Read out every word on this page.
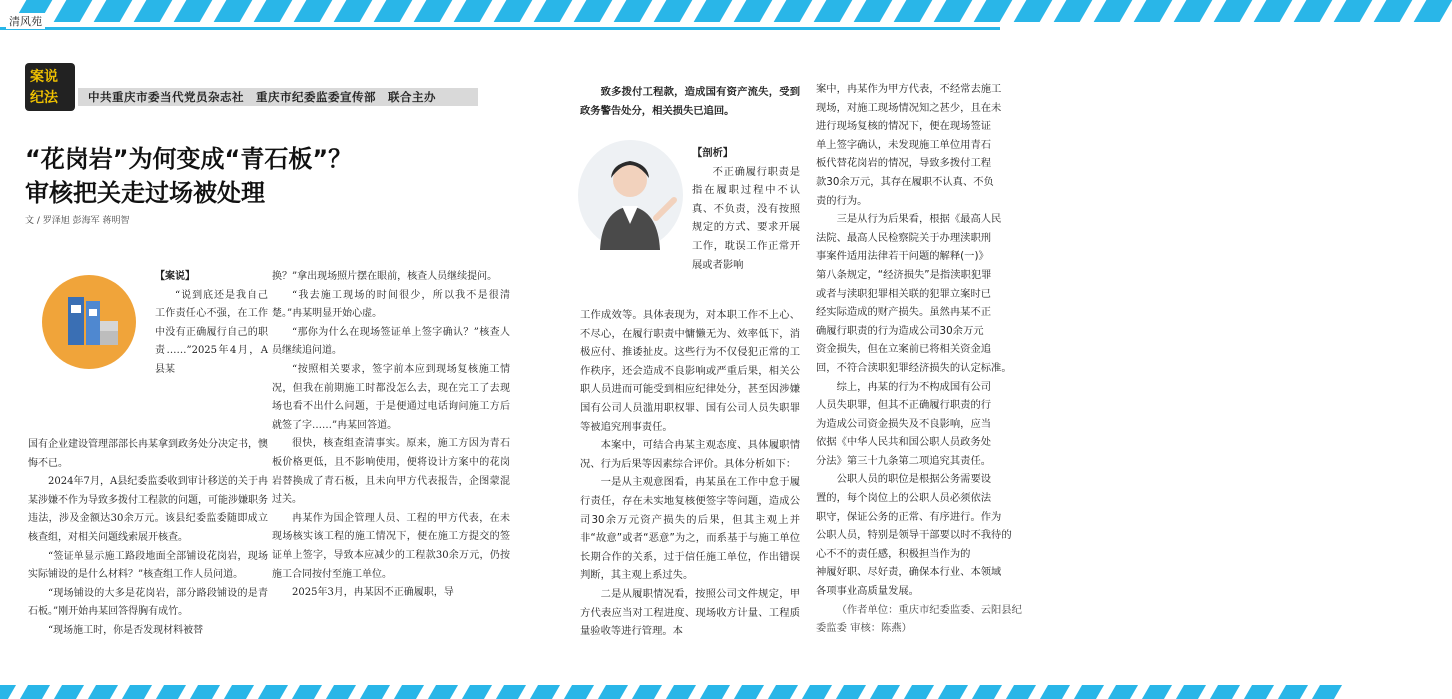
清风苑
案说
纪法	中共重庆市委当代党员杂志社　重庆市纪委监委宣传部　联合主办
“花岗岩”为何变成“青石板”？
审核把关走过场被处理
文 / 罗泽旭 彭海军 蒋明智

【案说】

“说到底还是我自己工作责任心不强，在工作中没有正确履行自己的职责……”2025年4月，A县某

国有企业建设管理部部长冉某拿到政务处分决定书，懊悔不已。

2024年7月，A县纪委监委收到审计移送的关于冉某涉嫌不作为导致多拨付工程款的问题，可能涉嫌职务违法，涉及金额达30余万元。该县纪委监委随即成立核查组，对相关问题线索展开核查。

“签证单显示施工路段地面全部铺设花岗岩，现场实际铺设的是什么材料？”核查组工作人员问道。

“现场铺设的大多是花岗岩，部分路段铺设的是青石板。”刚开始冉某回答得胸有成竹。

“现场施工时，你是否发现材料被替

换？”拿出现场照片摆在眼前，核查人员继续提问。

“我去施工现场的时间很少，所以我不是很清楚。”冉某明显开始心虚。

“那你为什么在现场签证单上签字确认？”核查人员继续追问道。

“按照相关要求，签字前本应到现场复核施工情况，但我在前期施工时都没怎么去，现在完工了去现场也看不出什么问题，于是便通过电话询问施工方后就签了字……”冉某回答道。

很快，核查组查清事实。原来，施工方因为青石板价格更低，且不影响使用，便将设计方案中的花岗岩替换成了青石板，且未向甲方代表报告，企图蒙混过关。

冉某作为国企管理人员、工程的甲方代表，在未现场核实该工程的施工情况下，便在施工方提交的签证单上签字，导致本应减少的工程款30余万元，仍按施工合同按付至施工单位。

2025年3月，冉某因不正确履职，导

致多拨付工程款，造成国有资产流失，受到政务警告处分，相关损失已追回。

【剖析】

不正确履行职责是指在履职过程中不认真、不负责，没有按照规定的方式、要求开展工作，耽误工作正常开展或者影响

工作成效等。具体表现为，对本职工作不上心、不尽心，在履行职责中慵懒无为、效率低下，消极应付、推诿扯皮。这些行为不仅侵犯正常的工作秩序，还会造成不良影响或严重后果，相关公职人员进而可能受到相应纪律处分，甚至因涉嫌国有公司人员滥用职权罪、国有公司人员失职罪等被追究刑事责任。

本案中，可结合冉某主观态度、具体履职情况、行为后果等因素综合评价。具体分析如下：

一是从主观意图看，冉某虽在工作中怠于履行责任，存在未实地复核便签字等问题，造成公司30余万元资产损失的后果，但其主观上并非“故意”或者“恶意”为之，而系基于与施工单位长期合作的关系，过于信任施工单位，作出错误判断，其主观上系过失。

二是从履职情况看，按照公司文件规定，甲方代表应当对工程进度、现场收方计量、工程质量验收等进行管理。本

案中，冉某作为甲方代表，不经常去施工

现场，对施工现场情况知之甚少，且在未

进行现场复核的情况下，便在现场签证

单上签字确认，未发现施工单位用青石

板代替花岗岩的情况，导致多拨付工程

款30余万元，其存在履职不认真、不负

责的行为。

三是从行为后果看，根据《最高人民

法院、最高人民检察院关于办理渎职刑

事案件适用法律若干问题的解释(一)》

第八条规定，“经济损失”是指渎职犯罪

或者与渎职犯罪相关联的犯罪立案时已

经实际造成的财产损失。虽然冉某不正

确履行职责的行为造成公司30余万元

资金损失，但在立案前已将相关资金追

回，不符合渎职犯罪经济损失的认定标准。

综上，冉某的行为不构成国有公司

人员失职罪，但其不正确履行职责的行

为造成公司资金损失及不良影响，应当

依据《中华人民共和国公职人员政务处

分法》第三十九条第二项追究其责任。

公职人员的职位是根据公务需要设

置的，每个岗位上的公职人员必须依法

职守，保证公务的正常、有序进行。作为

公职人员，特别是领导干部要以时不我待的

心不不的责任感，积极担当作为的

神履好职、尽好责，确保本行业、本领域

各项事业高质量发展。

（作者单位：重庆市纪委监委、云阳县纪

委监委 审核：陈燕）
